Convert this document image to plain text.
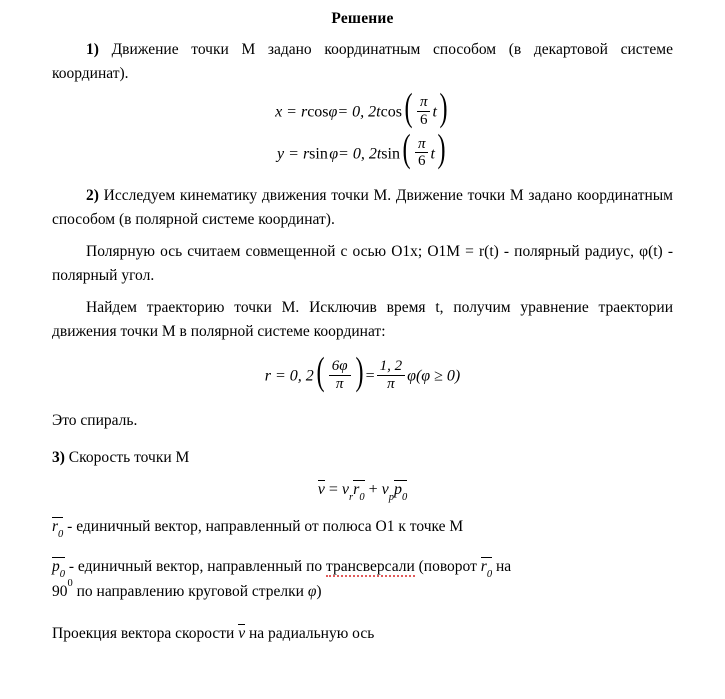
Решение

1) Движение точки М задано координатным способом (в декартовой системе координат).

x = rcosφ= 0, $2tcos( \frac{\pi}{6} t)$
y = rsin φ= 0, $2tsin( \frac{\pi}{6} t)$

2) Исследуем кинематику движения точки М. Движение точки М задано координатным способом (в полярной системе координат).

Полярную ось считаем совмещенной с осью О1х; О1М = r(t) - полярный радиус, φ(t) - полярный угол.

Найдем траекторию точки М. Исключив время t, получим уравнение траектории движения точки М в полярной системе координат:

r = 0, $2( \frac{6\varphi}{\pi}$ ) = $\frac{1, 2}{\pi} \varphi(\varphi \ge 0)$

Это спираль.

3) Скорость точки М

$v = v_rr_0 + v_pp_0$

$r_0$ - единичный вектор, направленный от полюса О1 к точке М

$p_0$ - единичный вектор, направленный по трансверсали (поворот $r_0$ на

$90^0$ по направлению круговой стрелки φ)

Проекция вектора скорости v на радиальную ось
